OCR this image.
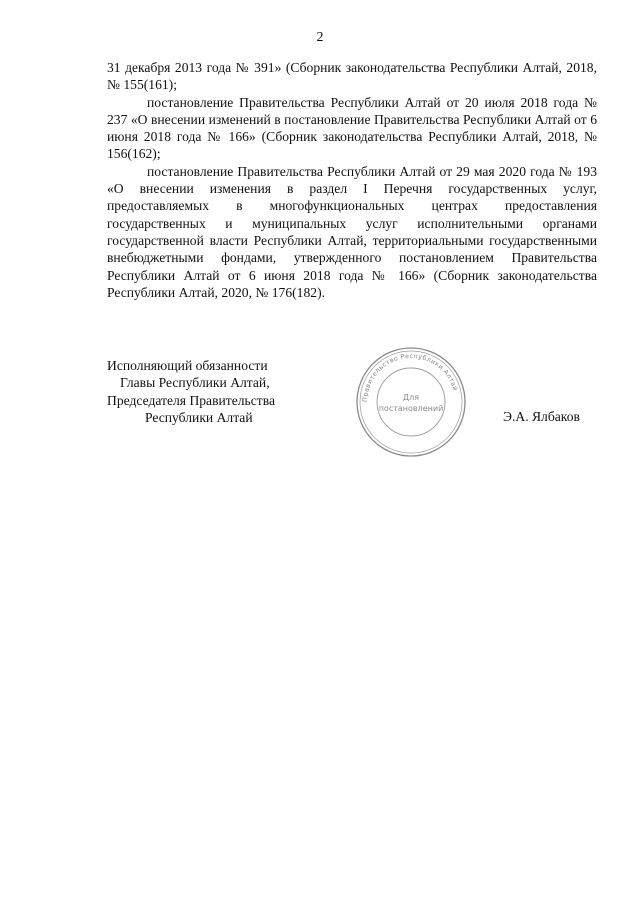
2

31 декабря 2013 года № 391» (Сборник законодательства Республики Алтай, 2018, № 155(161);

постановление Правительства Республики Алтай от 20 июля 2018 года № 237 «О внесении изменений в постановление Правительства Республики Алтай от 6 июня 2018 года № 166» (Сборник законодательства Республики Алтай, 2018, № 156(162);

постановление Правительства Республики Алтай от 29 мая 2020 года № 193 «О внесении изменения в раздел I Перечня государственных услуг, предоставляемых в многофункциональных центрах предоставления государственных и муниципальных услуг исполнительными органами государственной власти Республики Алтай, территориальными государственными внебюджетными фондами, утвержденного постановлением Правительства Республики Алтай от 6 июня 2018 года № 166» (Сборник законодательства Республики Алтай, 2020, № 176(182).

Исполняющий обязанности
Главы Республики Алтай,
Председателя Правительства
Республики Алтай
Правительство Республики Алтай
Для
постановлений
Э.А. Ялбаков
